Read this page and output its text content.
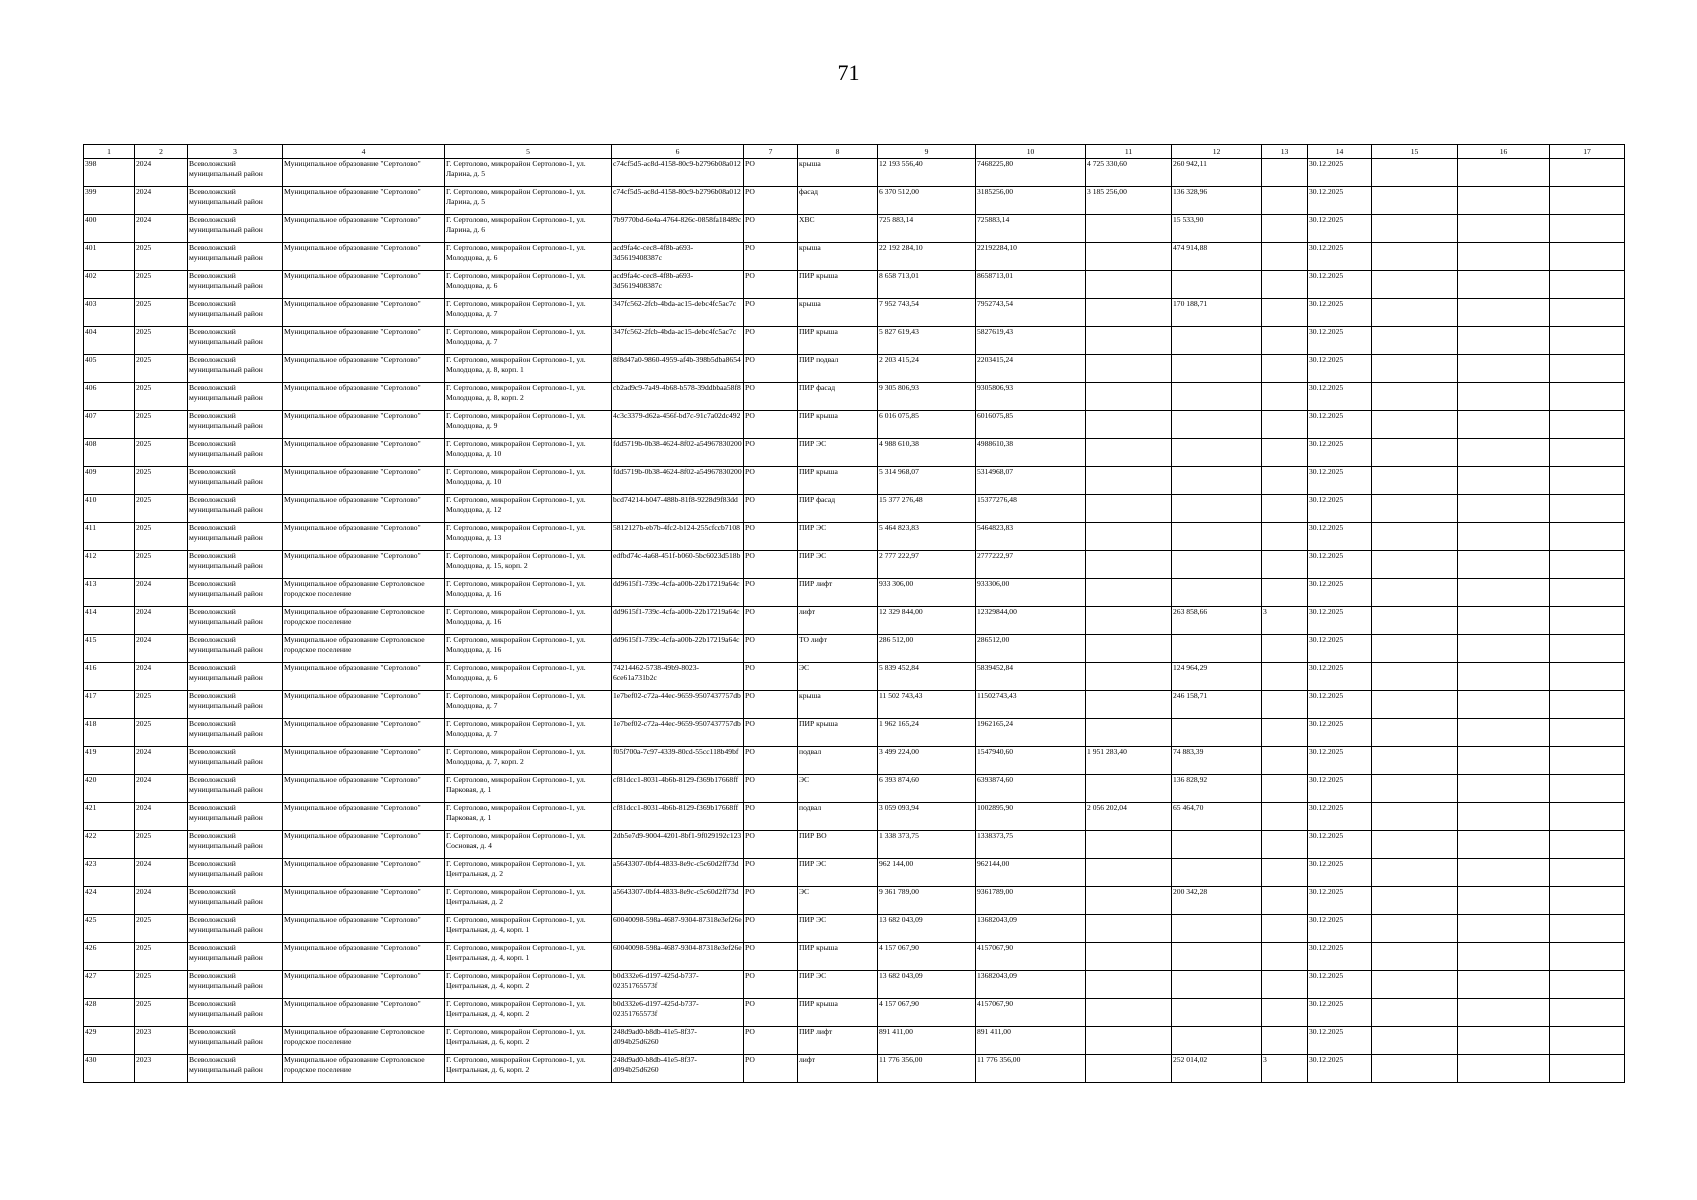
71
1	2	3	4	5	6	7	8	9	10	11	12	13	14	15	16	17
398	2024	Всеволожский муниципальный район	Муниципальное образование "Сертолово"	Г. Сертолово, микрорайон Сертолово-1, ул. Ларина, д. 5	c74cf5d5-ac8d-4158-80c9-b2796b08a012	РО	крыша	12 193 556,40	7468225,80	4 725 330,60	260 942,11		30.12.2025			
399	2024	Всеволожский муниципальный район	Муниципальное образование "Сертолово"	Г. Сертолово, микрорайон Сертолово-1, ул. Ларина, д. 5	c74cf5d5-ac8d-4158-80c9-b2796b08a012	РО	фасад	6 370 512,00	3185256,00	3 185 256,00	136 328,96		30.12.2025			
400	2024	Всеволожский муниципальный район	Муниципальное образование "Сертолово"	Г. Сертолово, микрорайон Сертолово-1, ул. Ларина, д. 6	7b9770bd-6e4a-4764-826c-0858fa18489c	РО	ХВС	725 883,14	725883,14		15 533,90		30.12.2025			
401	2025	Всеволожский муниципальный район	Муниципальное образование "Сертолово"	Г. Сертолово, микрорайон Сертолово-1, ул. Молодцова, д. 6	acd9fa4c-cec8-4f8b-a693-3d5619408387c	РО	крыша	22 192 284,10	22192284,10		474 914,88		30.12.2025			
402	2025	Всеволожский муниципальный район	Муниципальное образование "Сертолово"	Г. Сертолово, микрорайон Сертолово-1, ул. Молодцова, д. 6	acd9fa4c-cec8-4f8b-a693-3d5619408387c	РО	ПИР крыша	8 658 713,01	8658713,01				30.12.2025			
403	2025	Всеволожский муниципальный район	Муниципальное образование "Сертолово"	Г. Сертолово, микрорайон Сертолово-1, ул. Молодцова, д. 7	347fc562-2fcb-4bda-ac15-debc4fc5ac7c	РО	крыша	7 952 743,54	7952743,54		170 188,71		30.12.2025			
404	2025	Всеволожский муниципальный район	Муниципальное образование "Сертолово"	Г. Сертолово, микрорайон Сертолово-1, ул. Молодцова, д. 7	347fc562-2fcb-4bda-ac15-debc4fc5ac7c	РО	ПИР крыша	5 827 619,43	5827619,43				30.12.2025			
405	2025	Всеволожский муниципальный район	Муниципальное образование "Сертолово"	Г. Сертолово, микрорайон Сертолово-1, ул. Молодцова, д. 8, корп. 1	8f8d47a0-9860-4959-af4b-398b5dba8654	РО	ПИР подвал	2 203 415,24	2203415,24				30.12.2025			
406	2025	Всеволожский муниципальный район	Муниципальное образование "Сертолово"	Г. Сертолово, микрорайон Сертолово-1, ул. Молодцова, д. 8, корп. 2	cb2ad9c9-7a49-4b68-b578-39ddbbaa58f8	РО	ПИР фасад	9 305 806,93	9305806,93				30.12.2025			
407	2025	Всеволожский муниципальный район	Муниципальное образование "Сертолово"	Г. Сертолово, микрорайон Сертолово-1, ул. Молодцова, д. 9	4c3c3379-d62a-456f-bd7c-91c7a02dc492	РО	ПИР крыша	6 016 075,85	6016075,85				30.12.2025			
408	2025	Всеволожский муниципальный район	Муниципальное образование "Сертолово"	Г. Сертолово, микрорайон Сертолово-1, ул. Молодцова, д. 10	fdd5719b-0b38-4624-8f02-a54967830200	РО	ПИР ЭС	4 988 610,38	4988610,38				30.12.2025			
409	2025	Всеволожский муниципальный район	Муниципальное образование "Сертолово"	Г. Сертолово, микрорайон Сертолово-1, ул. Молодцова, д. 10	fdd5719b-0b38-4624-8f02-a54967830200	РО	ПИР крыша	5 314 968,07	5314968,07				30.12.2025			
410	2025	Всеволожский муниципальный район	Муниципальное образование "Сертолово"	Г. Сертолово, микрорайон Сертолово-1, ул. Молодцова, д. 12	bcd74214-b047-488b-81f8-9228d9f83dd	РО	ПИР фасад	15 377 276,48	15377276,48				30.12.2025			
411	2025	Всеволожский муниципальный район	Муниципальное образование "Сертолово"	Г. Сертолово, микрорайон Сертолово-1, ул. Молодцова, д. 13	5812127b-eb7b-4fc2-b124-255cfccb7108	РО	ПИР ЭС	5 464 823,83	5464823,83				30.12.2025			
412	2025	Всеволожский муниципальный район	Муниципальное образование "Сертолово"	Г. Сертолово, микрорайон Сертолово-1, ул. Молодцова, д. 15, корп. 2	edfbd74c-4a68-451f-b060-5bc6023d518b	РО	ПИР ЭС	2 777 222,97	2777222,97				30.12.2025			
413	2024	Всеволожский муниципальный район	Муниципальное образование Сертоловское городское поселение	Г. Сертолово, микрорайон Сертолово-1, ул. Молодцова, д. 16	dd9615f1-739c-4cfa-a00b-22b17219a64c	РО	ПИР лифт	933 306,00	933306,00				30.12.2025			
414	2024	Всеволожский муниципальный район	Муниципальное образование Сертоловское городское поселение	Г. Сертолово, микрорайон Сертолово-1, ул. Молодцова, д. 16	dd9615f1-739c-4cfa-a00b-22b17219a64c	РО	лифт	12 329 844,00	12329844,00		263 858,66	3	30.12.2025			
415	2024	Всеволожский муниципальный район	Муниципальное образование Сертоловское городское поселение	Г. Сертолово, микрорайон Сертолово-1, ул. Молодцова, д. 16	dd9615f1-739c-4cfa-a00b-22b17219a64c	РО	ТО лифт	286 512,00	286512,00				30.12.2025			
416	2024	Всеволожский муниципальный район	Муниципальное образование "Сертолово"	Г. Сертолово, микрорайон Сертолово-1, ул. Молодцова, д. 6	74214462-5738-49b9-8023-6ce61a731b2c	РО	ЭС	5 839 452,84	5839452,84		124 964,29		30.12.2025			
417	2025	Всеволожский муниципальный район	Муниципальное образование "Сертолово"	Г. Сертолово, микрорайон Сертолово-1, ул. Молодцова, д. 7	1e7bef02-c72a-44ec-9659-9507437757db	РО	крыша	11 502 743,43	11502743,43		246 158,71		30.12.2025			
418	2025	Всеволожский муниципальный район	Муниципальное образование "Сертолово"	Г. Сертолово, микрорайон Сертолово-1, ул. Молодцова, д. 7	1e7bef02-c72a-44ec-9659-9507437757db	РО	ПИР крыша	1 962 165,24	1962165,24				30.12.2025			
419	2024	Всеволожский муниципальный район	Муниципальное образование "Сертолово"	Г. Сертолово, микрорайон Сертолово-1, ул. Молодцова, д. 7, корп. 2	f05f700a-7c97-4339-80cd-55cc118b49bf	РО	подвал	3 499 224,00	1547940,60	1 951 283,40	74 883,39		30.12.2025			
420	2024	Всеволожский муниципальный район	Муниципальное образование "Сертолово"	Г. Сертолово, микрорайон Сертолово-1, ул. Парковая, д. 1	cf81dcc1-8031-4b6b-8129-f369b17668ff	РО	ЭС	6 393 874,60	6393874,60		136 828,92		30.12.2025			
421	2024	Всеволожский муниципальный район	Муниципальное образование "Сертолово"	Г. Сертолово, микрорайон Сертолово-1, ул. Парковая, д. 1	cf81dcc1-8031-4b6b-8129-f369b17668ff	РО	подвал	3 059 093,94	1002895,90	2 056 202,04	65 464,70		30.12.2025			
422	2025	Всеволожский муниципальный район	Муниципальное образование "Сертолово"	Г. Сертолово, микрорайон Сертолово-1, ул. Сосновая, д. 4	2db5e7d9-9004-4201-8bf1-9f029192c123	РО	ПИР ВО	1 338 373,75	1338373,75				30.12.2025			
423	2024	Всеволожский муниципальный район	Муниципальное образование "Сертолово"	Г. Сертолово, микрорайон Сертолово-1, ул. Центральная, д. 2	a5643307-0bf4-4833-8e9c-c5c60d2ff73d	РО	ПИР ЭС	962 144,00	962144,00				30.12.2025			
424	2024	Всеволожский муниципальный район	Муниципальное образование "Сертолово"	Г. Сертолово, микрорайон Сертолово-1, ул. Центральная, д. 2	a5643307-0bf4-4833-8e9c-c5c60d2ff73d	РО	ЭС	9 361 789,00	9361789,00		200 342,28		30.12.2025			
425	2025	Всеволожский муниципальный район	Муниципальное образование "Сертолово"	Г. Сертолово, микрорайон Сертолово-1, ул. Центральная, д. 4, корп. 1	60040098-598a-4687-9304-87318e3ef26e	РО	ПИР ЭС	13 682 043,09	13682043,09				30.12.2025			
426	2025	Всеволожский муниципальный район	Муниципальное образование "Сертолово"	Г. Сертолово, микрорайон Сертолово-1, ул. Центральная, д. 4, корп. 1	60040098-598a-4687-9304-87318e3ef26e	РО	ПИР крыша	4 157 067,90	4157067,90				30.12.2025			
427	2025	Всеволожский муниципальный район	Муниципальное образование "Сертолово"	Г. Сертолово, микрорайон Сертолово-1, ул. Центральная, д. 4, корп. 2	b0d332e6-d197-425d-b737-02351765573f	РО	ПИР ЭС	13 682 043,09	13682043,09				30.12.2025			
428	2025	Всеволожский муниципальный район	Муниципальное образование "Сертолово"	Г. Сертолово, микрорайон Сертолово-1, ул. Центральная, д. 4, корп. 2	b0d332e6-d197-425d-b737-02351765573f	РО	ПИР крыша	4 157 067,90	4157067,90				30.12.2025			
429	2023	Всеволожский муниципальный район	Муниципальное образование Сертоловское городское поселение	Г. Сертолово, микрорайон Сертолово-1, ул. Центральная, д. 6, корп. 2	248d9ad0-b8db-41e5-8f37-d094b25d6260	РО	ПИР лифт	891 411,00	891 411,00				30.12.2025			
430	2023	Всеволожский муниципальный район	Муниципальное образование Сертоловское городское поселение	Г. Сертолово, микрорайон Сертолово-1, ул. Центральная, д. 6, корп. 2	248d9ad0-b8db-41e5-8f37-d094b25d6260	РО	лифт	11 776 356,00	11 776 356,00		252 014,02	3	30.12.2025			
